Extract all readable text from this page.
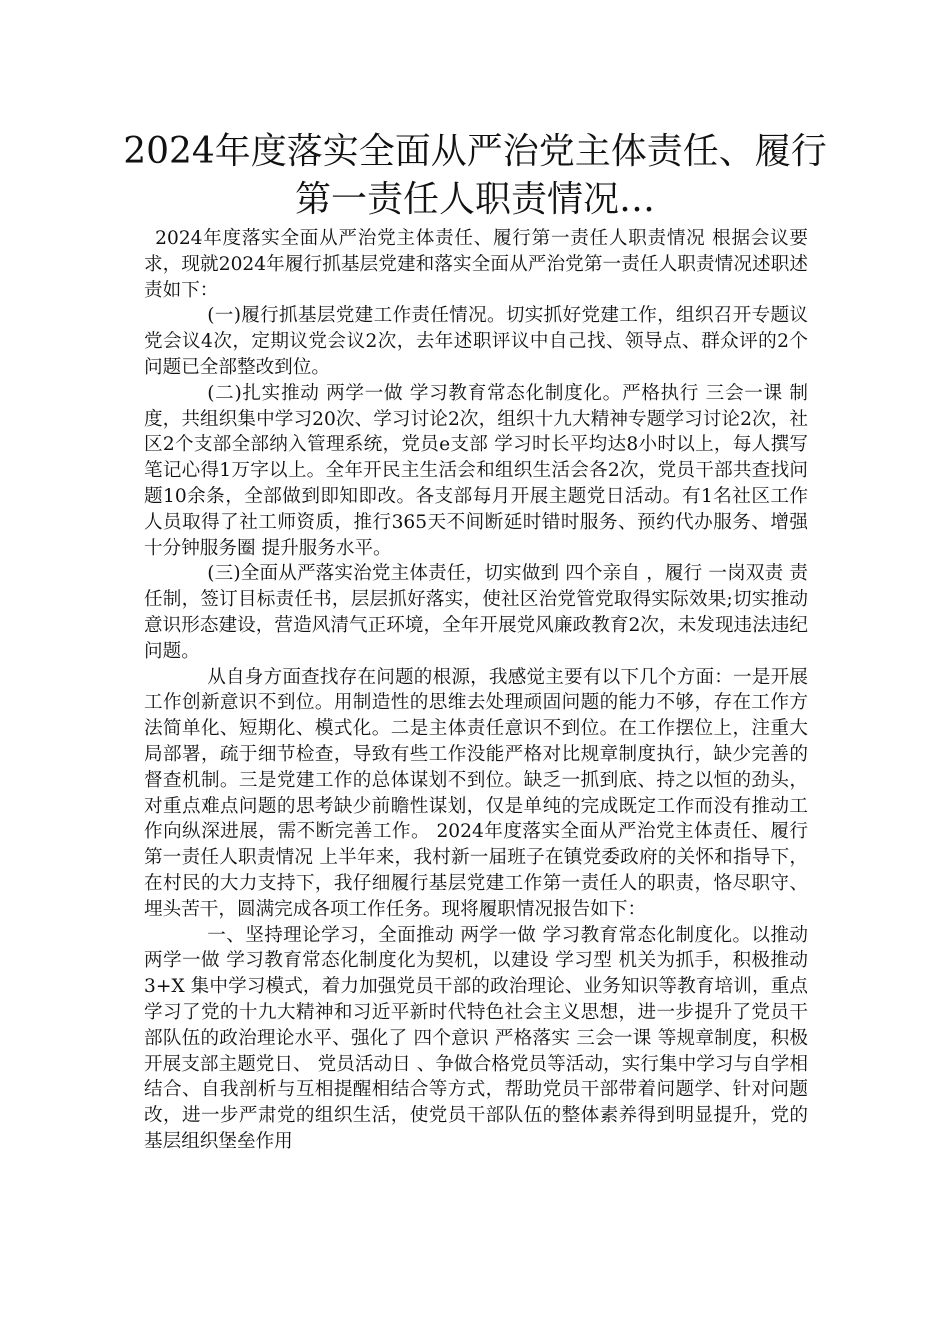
2024年度落实全面从严治党主体责任、履行第一责任人职责情况…

2024年度落实全面从严治党主体责任、履行第一责任人职责情况 根据会议要求，现就2024年履行抓基层党建和落实全面从严治党第一责任人职责情况述职述责如下：

(一)履行抓基层党建工作责任情况。切实抓好党建工作，组织召开专题议党会议4次，定期议党会议2次，去年述职评议中自己找、领导点、群众评的2个问题已全部整改到位。

(二)扎实推动 两学一做 学习教育常态化制度化。严格执行 三会一课 制度，共组织集中学习20次、学习讨论2次，组织十九大精神专题学习讨论2次，社区2个支部全部纳入管理系统，党员e支部 学习时长平均达8小时以上，每人撰写笔记心得1万字以上。全年开民主生活会和组织生活会各2次，党员干部共查找问题10余条，全部做到即知即改。各支部每月开展主题党日活动。有1名社区工作人员取得了社工师资质，推行365天不间断延时错时服务、预约代办服务、增强 十分钟服务圈 提升服务水平。

(三)全面从严落实治党主体责任，切实做到 四个亲自 ，履行 一岗双责 责任制，签订目标责任书，层层抓好落实，使社区治党管党取得实际效果;切实推动意识形态建设，营造风清气正环境，全年开展党风廉政教育2次，未发现违法违纪问题。

从自身方面查找存在问题的根源，我感觉主要有以下几个方面：一是开展工作创新意识不到位。用制造性的思维去处理顽固问题的能力不够，存在工作方法简单化、短期化、模式化。二是主体责任意识不到位。在工作摆位上，注重大局部署，疏于细节检查，导致有些工作没能严格对比规章制度执行，缺少完善的督查机制。三是党建工作的总体谋划不到位。缺乏一抓到底、持之以恒的劲头，对重点难点问题的思考缺少前瞻性谋划，仅是单纯的完成既定工作而没有推动工作向纵深进展，需不断完善工作。 2024年度落实全面从严治党主体责任、履行第一责任人职责情况 上半年来，我村新一届班子在镇党委政府的关怀和指导下，在村民的大力支持下，我仔细履行基层党建工作第一责任人的职责，恪尽职守、埋头苦干，圆满完成各项工作任务。现将履职情况报告如下：

一、坚持理论学习，全面推动 两学一做 学习教育常态化制度化。以推动 两学一做 学习教育常态化制度化为契机，以建设 学习型 机关为抓手，积极推动 3+X 集中学习模式，着力加强党员干部的政治理论、业务知识等教育培训，重点学习了党的十九大精神和习近平新时代特色社会主义思想，进一步提升了党员干部队伍的政治理论水平、强化了 四个意识 严格落实 三会一课 等规章制度，积极开展支部主题党日、 党员活动日 、争做合格党员等活动，实行集中学习与自学相结合、自我剖析与互相提醒相结合等方式，帮助党员干部带着问题学、针对问题改，进一步严肃党的组织生活，使党员干部队伍的整体素养得到明显提升，党的基层组织堡垒作用
